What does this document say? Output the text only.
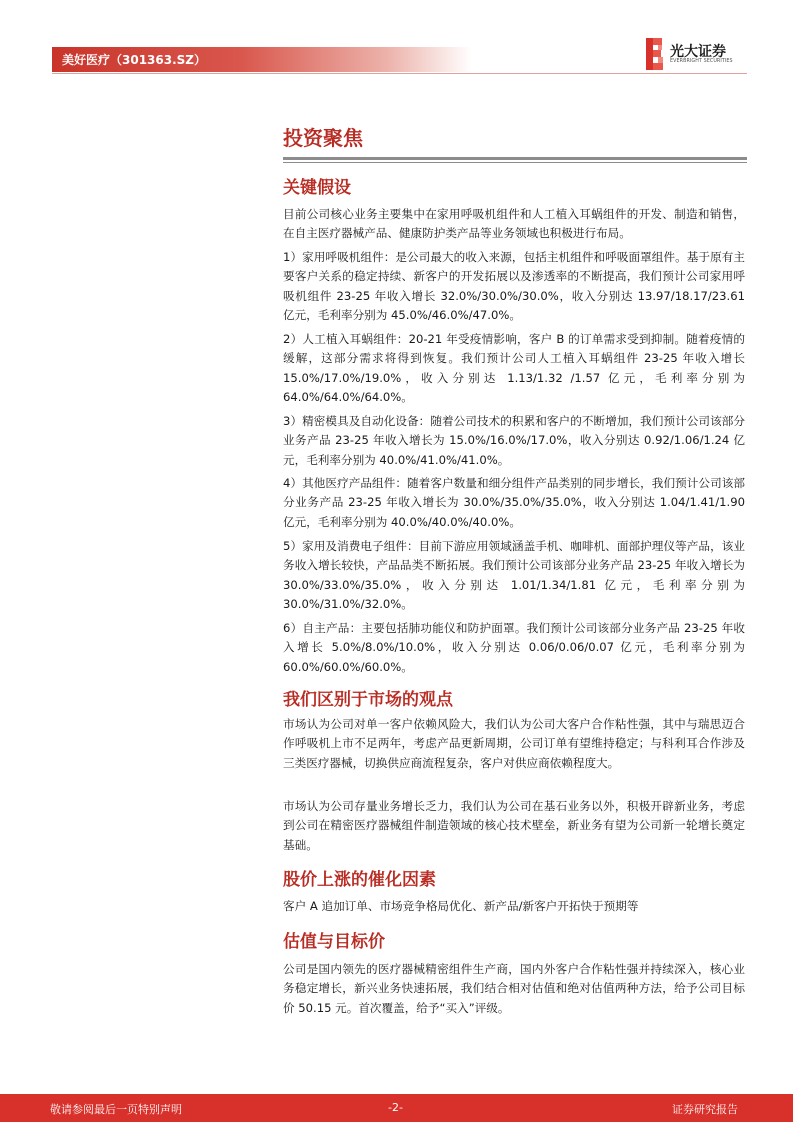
美好医疗（301363.SZ）	光大证券
EVERBRIGHT SECURITIES
投资聚焦
关键假设

目前公司核心业务主要集中在家用呼吸机组件和人工植入耳蜗组件的开发、制造和销售，在自主医疗器械产品、健康防护类产品等业务领域也积极进行布局。

1）家用呼吸机组件：是公司最大的收入来源，包括主机组件和呼吸面罩组件。基于原有主要客户关系的稳定持续、新客户的开发拓展以及渗透率的不断提高，我们预计公司家用呼吸机组件 23-25 年收入增长 32.0%/30.0%/30.0%，收入分别达 13.97/18.17/23.61 亿元，毛利率分别为 45.0%/46.0%/47.0%。

2）人工植入耳蜗组件：20-21 年受疫情影响，客户 B 的订单需求受到抑制。随着疫情的缓解，这部分需求将得到恢复。我们预计公司人工植入耳蜗组件 23-25 年收入增长 15.0%/17.0%/19.0%，收入分别达 1.13/1.32 /1.57 亿元，毛利率分别为 64.0%/64.0%/64.0%。

3）精密模具及自动化设备：随着公司技术的积累和客户的不断增加，我们预计公司该部分业务产品 23-25 年收入增长为 15.0%/16.0%/17.0%，收入分别达 0.92/1.06/1.24 亿元，毛利率分别为 40.0%/41.0%/41.0%。

4）其他医疗产品组件：随着客户数量和细分组件产品类别的同步增长，我们预计公司该部分业务产品 23-25 年收入增长为 30.0%/35.0%/35.0%，收入分别达 1.04/1.41/1.90 亿元，毛利率分别为 40.0%/40.0%/40.0%。

5）家用及消费电子组件：目前下游应用领域涵盖手机、咖啡机、面部护理仪等产品，该业务收入增长较快，产品品类不断拓展。我们预计公司该部分业务产品 23-25 年收入增长为 30.0%/33.0%/35.0%，收入分别达 1.01/1.34/1.81 亿元，毛利率分别为 30.0%/31.0%/32.0%。

6）自主产品：主要包括肺功能仪和防护面罩。我们预计公司该部分业务产品 23-25 年收入增长 5.0%/8.0%/10.0%，收入分别达 0.06/0.06/0.07 亿元，毛利率分别为 60.0%/60.0%/60.0%。

我们区别于市场的观点

市场认为公司对单一客户依赖风险大，我们认为公司大客户合作粘性强，其中与瑞思迈合作呼吸机上市不足两年，考虑产品更新周期，公司订单有望维持稳定；与科利耳合作涉及三类医疗器械，切换供应商流程复杂，客户对供应商依赖程度大。

市场认为公司存量业务增长乏力，我们认为公司在基石业务以外，积极开辟新业务，考虑到公司在精密医疗器械组件制造领域的核心技术壁垒，新业务有望为公司新一轮增长奠定基础。

股价上涨的催化因素

客户 A 追加订单、市场竞争格局优化、新产品/新客户开拓快于预期等

估值与目标价

公司是国内领先的医疗器械精密组件生产商，国内外客户合作粘性强并持续深入，核心业务稳定增长，新兴业务快速拓展，我们结合相对估值和绝对估值两种方法，给予公司目标价 50.15 元。首次覆盖，给予“买入”评级。

敬请参阅最后一页特别声明	-2-	证券研究报告
